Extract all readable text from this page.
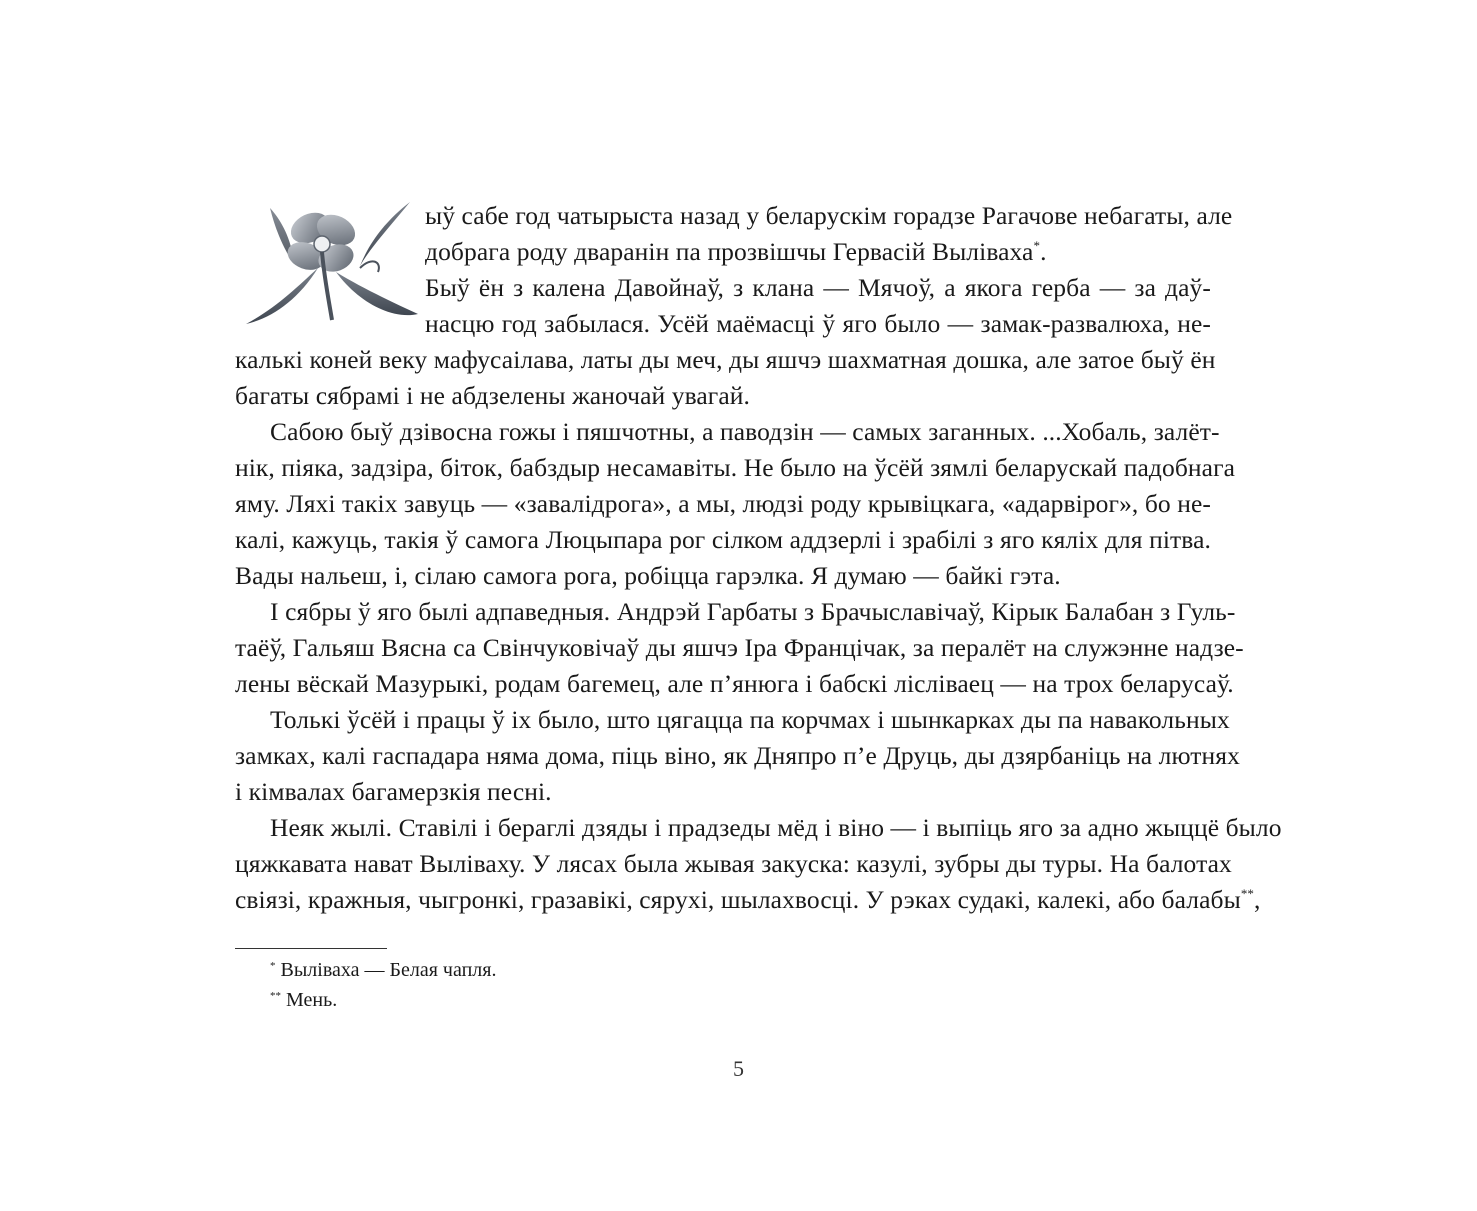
ыў сабе год чатырыста назад у беларускім горадзе Рагачове небагаты, але
добрага роду дваранін па прозвішчы Гервасій Выліваха*.
Быў ён з калена Давойнаў, з клана — Мячоў, а якога герба — за даў-
насцю год забылася. Усёй маёмасці ў яго было — замак-развалюха, не-
калькі коней веку мафусаілава, латы ды меч, ды яшчэ шахматная дошка, але затое быў ён
багаты сябрамі і не абдзелены жаночай увагай.
Сабою быў дзівосна гожы і пяшчотны, а паводзін — самых заганных. ...Хобаль, залёт-
нік, піяка, задзіра, біток, бабздыр несамавіты. Не было на ўсёй зямлі беларускай падобнага
яму. Ляхі такіх завуць — «завалідрога», а мы, людзі роду крывіцкага, «адарвірог», бо не-
калі, кажуць, такія ў самога Люцыпара рог сілком аддзерлі і зрабілі з яго кяліх для пітва.
Вады нальеш, і, сілаю самога рога, робіцца гарэлка. Я думаю — байкі гэта.
І сябры ў яго былі адпаведныя. Андрэй Гарбаты з Брачыславічаў, Кірык Балабан з Гуль-
таёў, Гальяш Вясна са Свінчуковічаў ды яшчэ Іра Францічак, за пералёт на служэнне надзе-
лены вёскай Мазурыкі, родам багемец, але п’янюга і бабскі лісліваец — на трох беларусаў.
Толькі ўсёй і працы ў іх было, што цягацца па корчмах і шынкарках ды па навакольных
замках, калі гаспадара няма дома, піць віно, як Дняпро п’е Друць, ды дзярбаніць на лютнях
і кімвалах багамерзкія песні.
Неяк жылі. Ставілі і бераглі дзяды і прадзеды мёд і віно — і выпіць яго за адно жыццё было
цяжкавата нават Выліваху. У лясах была жывая закуска: казулі, зубры ды туры. На балотах
свіязі, кражныя, чыгронкі, гразавікі, сярухі, шылахвосці. У рэках судакі, калекі, або балабы**,
* Выліваха — Белая чапля.
** Мень.
5
